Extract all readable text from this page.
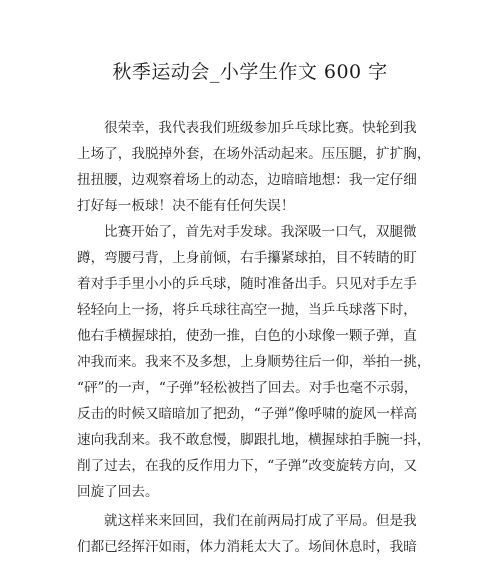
秋季运动会_小学生作文 600 字
很荣幸，我代表我们班级参加乒乓球比赛。快轮到我
上场了，我脱掉外套，在场外活动起来。压压腿，扩扩胸，
扭扭腰，边观察着场上的动态，边暗暗地想：我一定仔细
打好每一板球！决不能有任何失误！
比赛开始了，首先对手发球。我深吸一口气，双腿微
蹲，弯腰弓背，上身前倾，右手攥紧球拍，目不转睛的盯
着对手手里小小的乒乓球，随时准备出手。只见对手左手
轻轻向上一扬，将乒乓球往高空一抛，当乒乓球落下时，
他右手横握球拍，使劲一推，白色的小球像一颗子弹，直
冲我而来。我来不及多想，上身顺势往后一仰，举拍一挑，
“砰”的一声，“子弹”轻松被挡了回去。对手也毫不示弱，
反击的时候又暗暗加了把劲，“子弹”像呼啸的旋风一样高
速向我刮来。我不敢怠慢，脚跟扎地，横握球拍手腕一抖，
削了过去，在我的反作用力下，“子弹”改变旋转方向，又
回旋了回去。
就这样来来回回，我们在前两局打成了平局。但是我
们都已经挥汗如雨，体力消耗太大了。场间休息时，我暗
